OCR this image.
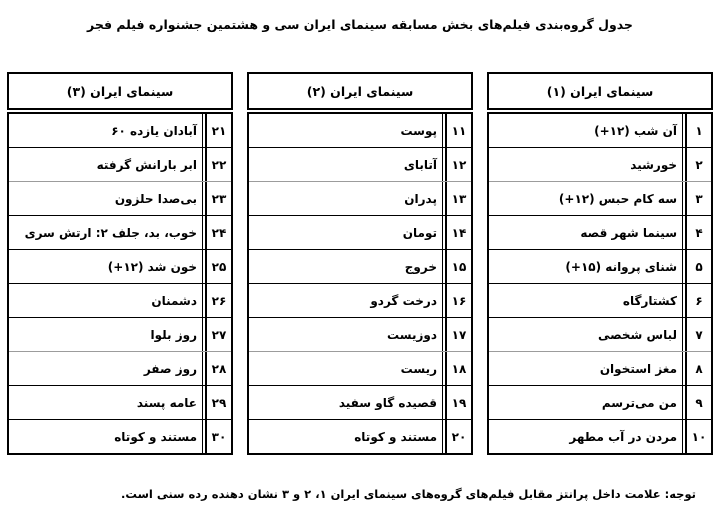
جدول گروه‌بندی فیلم‌های بخش مسابقه سینمای ایران سی و هشتمین جشنواره فیلم فجر
سینمای ایران (۱)
۱
آن شب (۱۲+)
۲
خورشید
۳
سه کام حبس (۱۲+)
۴
سینما شهر قصه
۵
شنای پروانه (۱۵+)
۶
کشتارگاه
۷
لباس شخصی
۸
مغز استخوان
۹
من می‌ترسم
۱۰
مردن در آب مطهر
سینمای ایران (۲)
۱۱
پوست
۱۲
آتابای
۱۳
پدران
۱۴
تومان
۱۵
خروج
۱۶
درخت گردو
۱۷
دوزیست
۱۸
ریست
۱۹
قصیده گاو سفید
۲۰
مستند و کوتاه
سینمای ایران (۳)
۲۱
آبادان یازده ۶۰
۲۲
ابر بارانش گرفته
۲۳
بی‌صدا حلزون
۲۴
خوب، بد، جلف ۲: ارتش سری
۲۵
خون شد (۱۲+)
۲۶
دشمنان
۲۷
روز بلوا
۲۸
روز صفر
۲۹
عامه پسند
۳۰
مستند و کوتاه
توجه: علامت داخل پرانتز مقابل فیلم‌های گروه‌های سینمای ایران ۱، ۲ و ۳ نشان دهنده رده سنی است.
